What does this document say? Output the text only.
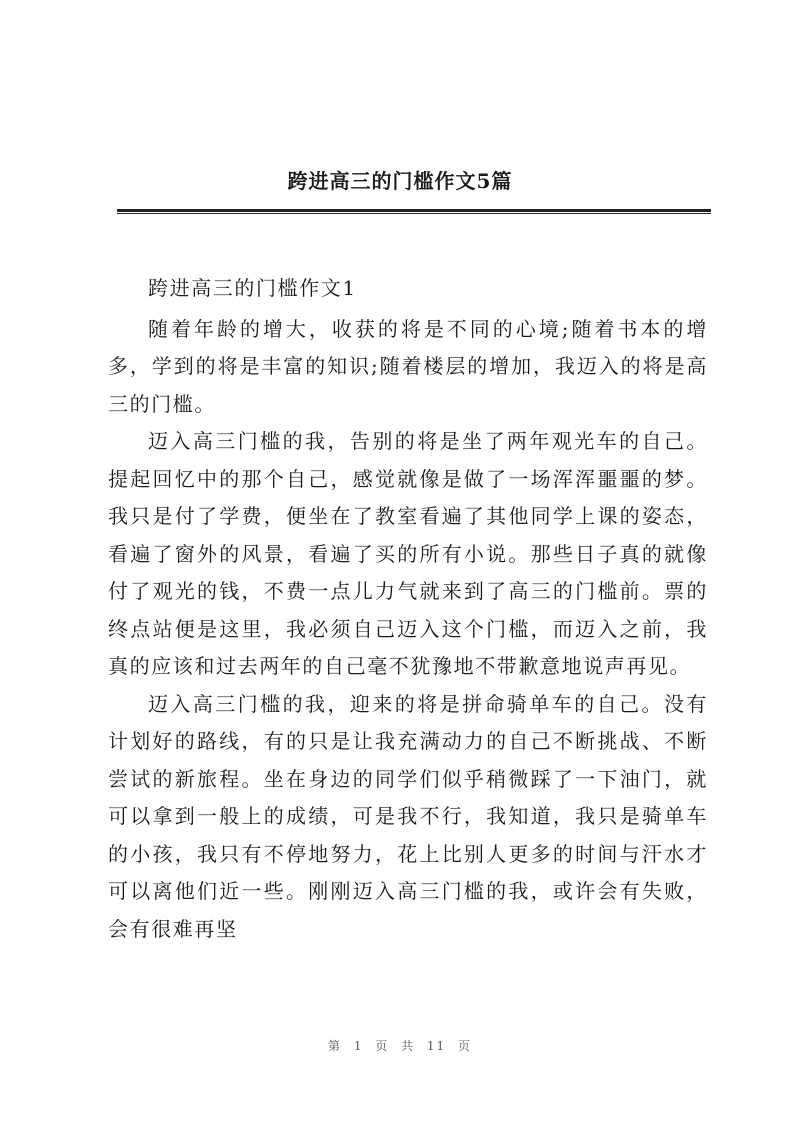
跨进高三的门槛作文5篇

跨进高三的门槛作文1

随着年龄的增大，收获的将是不同的心境;随着书本的增多，学到的将是丰富的知识;随着楼层的增加，我迈入的将是高三的门槛。

迈入高三门槛的我，告别的将是坐了两年观光车的自己。提起回忆中的那个自己，感觉就像是做了一场浑浑噩噩的梦。我只是付了学费，便坐在了教室看遍了其他同学上课的姿态，看遍了窗外的风景，看遍了买的所有小说。那些日子真的就像付了观光的钱，不费一点儿力气就来到了高三的门槛前。票的终点站便是这里，我必须自己迈入这个门槛，而迈入之前，我真的应该和过去两年的自己毫不犹豫地不带歉意地说声再见。

迈入高三门槛的我，迎来的将是拼命骑单车的自己。没有计划好的路线，有的只是让我充满动力的自己不断挑战、不断尝试的新旅程。坐在身边的同学们似乎稍微踩了一下油门，就可以拿到一般上的成绩，可是我不行，我知道，我只是骑单车的小孩，我只有不停地努力，花上比别人更多的时间与汗水才可以离他们近一些。刚刚迈入高三门槛的我，或许会有失败，会有很难再坚

第 1 页 共 11 页
